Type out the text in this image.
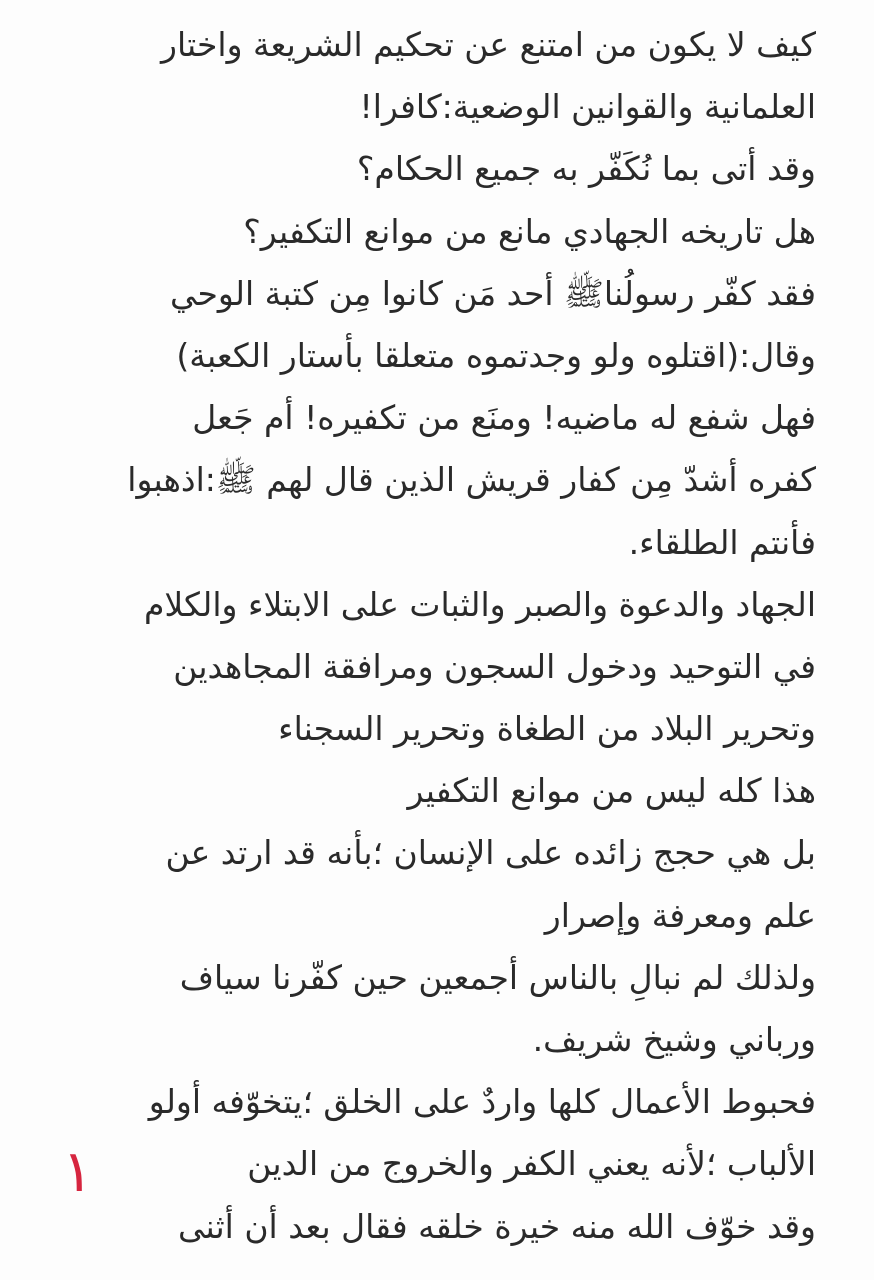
كيف لا يكون من امتنع عن تحكيم الشريعة واختار
العلمانية والقوانين الوضعية:كافرا!
وقد أتى بما نُكَفّر به جميع الحكام؟
هل تاريخه الجهادي مانع من موانع التكفير؟
فقد كفّر رسولُناﷺ أحد مَن كانوا مِن كتبة الوحي
وقال:(اقتلوه ولو وجدتموه متعلقا بأستار الكعبة)
فهل شفع له ماضيه! ومنَع من تكفيره! أم جَعل
كفره أشدّ مِن كفار قريش الذين قال لهم ﷺ:اذهبوا
فأنتم الطلقاء.
الجهاد والدعوة والصبر والثبات على الابتلاء والكلام
في التوحيد ودخول السجون ومرافقة المجاهدين
وتحرير البلاد من الطغاة وتحرير السجناء
هذا كله ليس من موانع التكفير
بل هي حجج زائده على الإنسان ؛بأنه قد ارتد عن
علم ومعرفة وإصرار
ولذلك لم نبالِ بالناس أجمعين حين كفّرنا سياف
ورباني وشيخ شريف.
فحبوط الأعمال كلها واردٌ على الخلق ؛يتخوّفه أولو
الألباب ؛لأنه يعني الكفر والخروج من الدين
وقد خوّف الله منه خيرة خلقه فقال بعد أن أثنى
١
